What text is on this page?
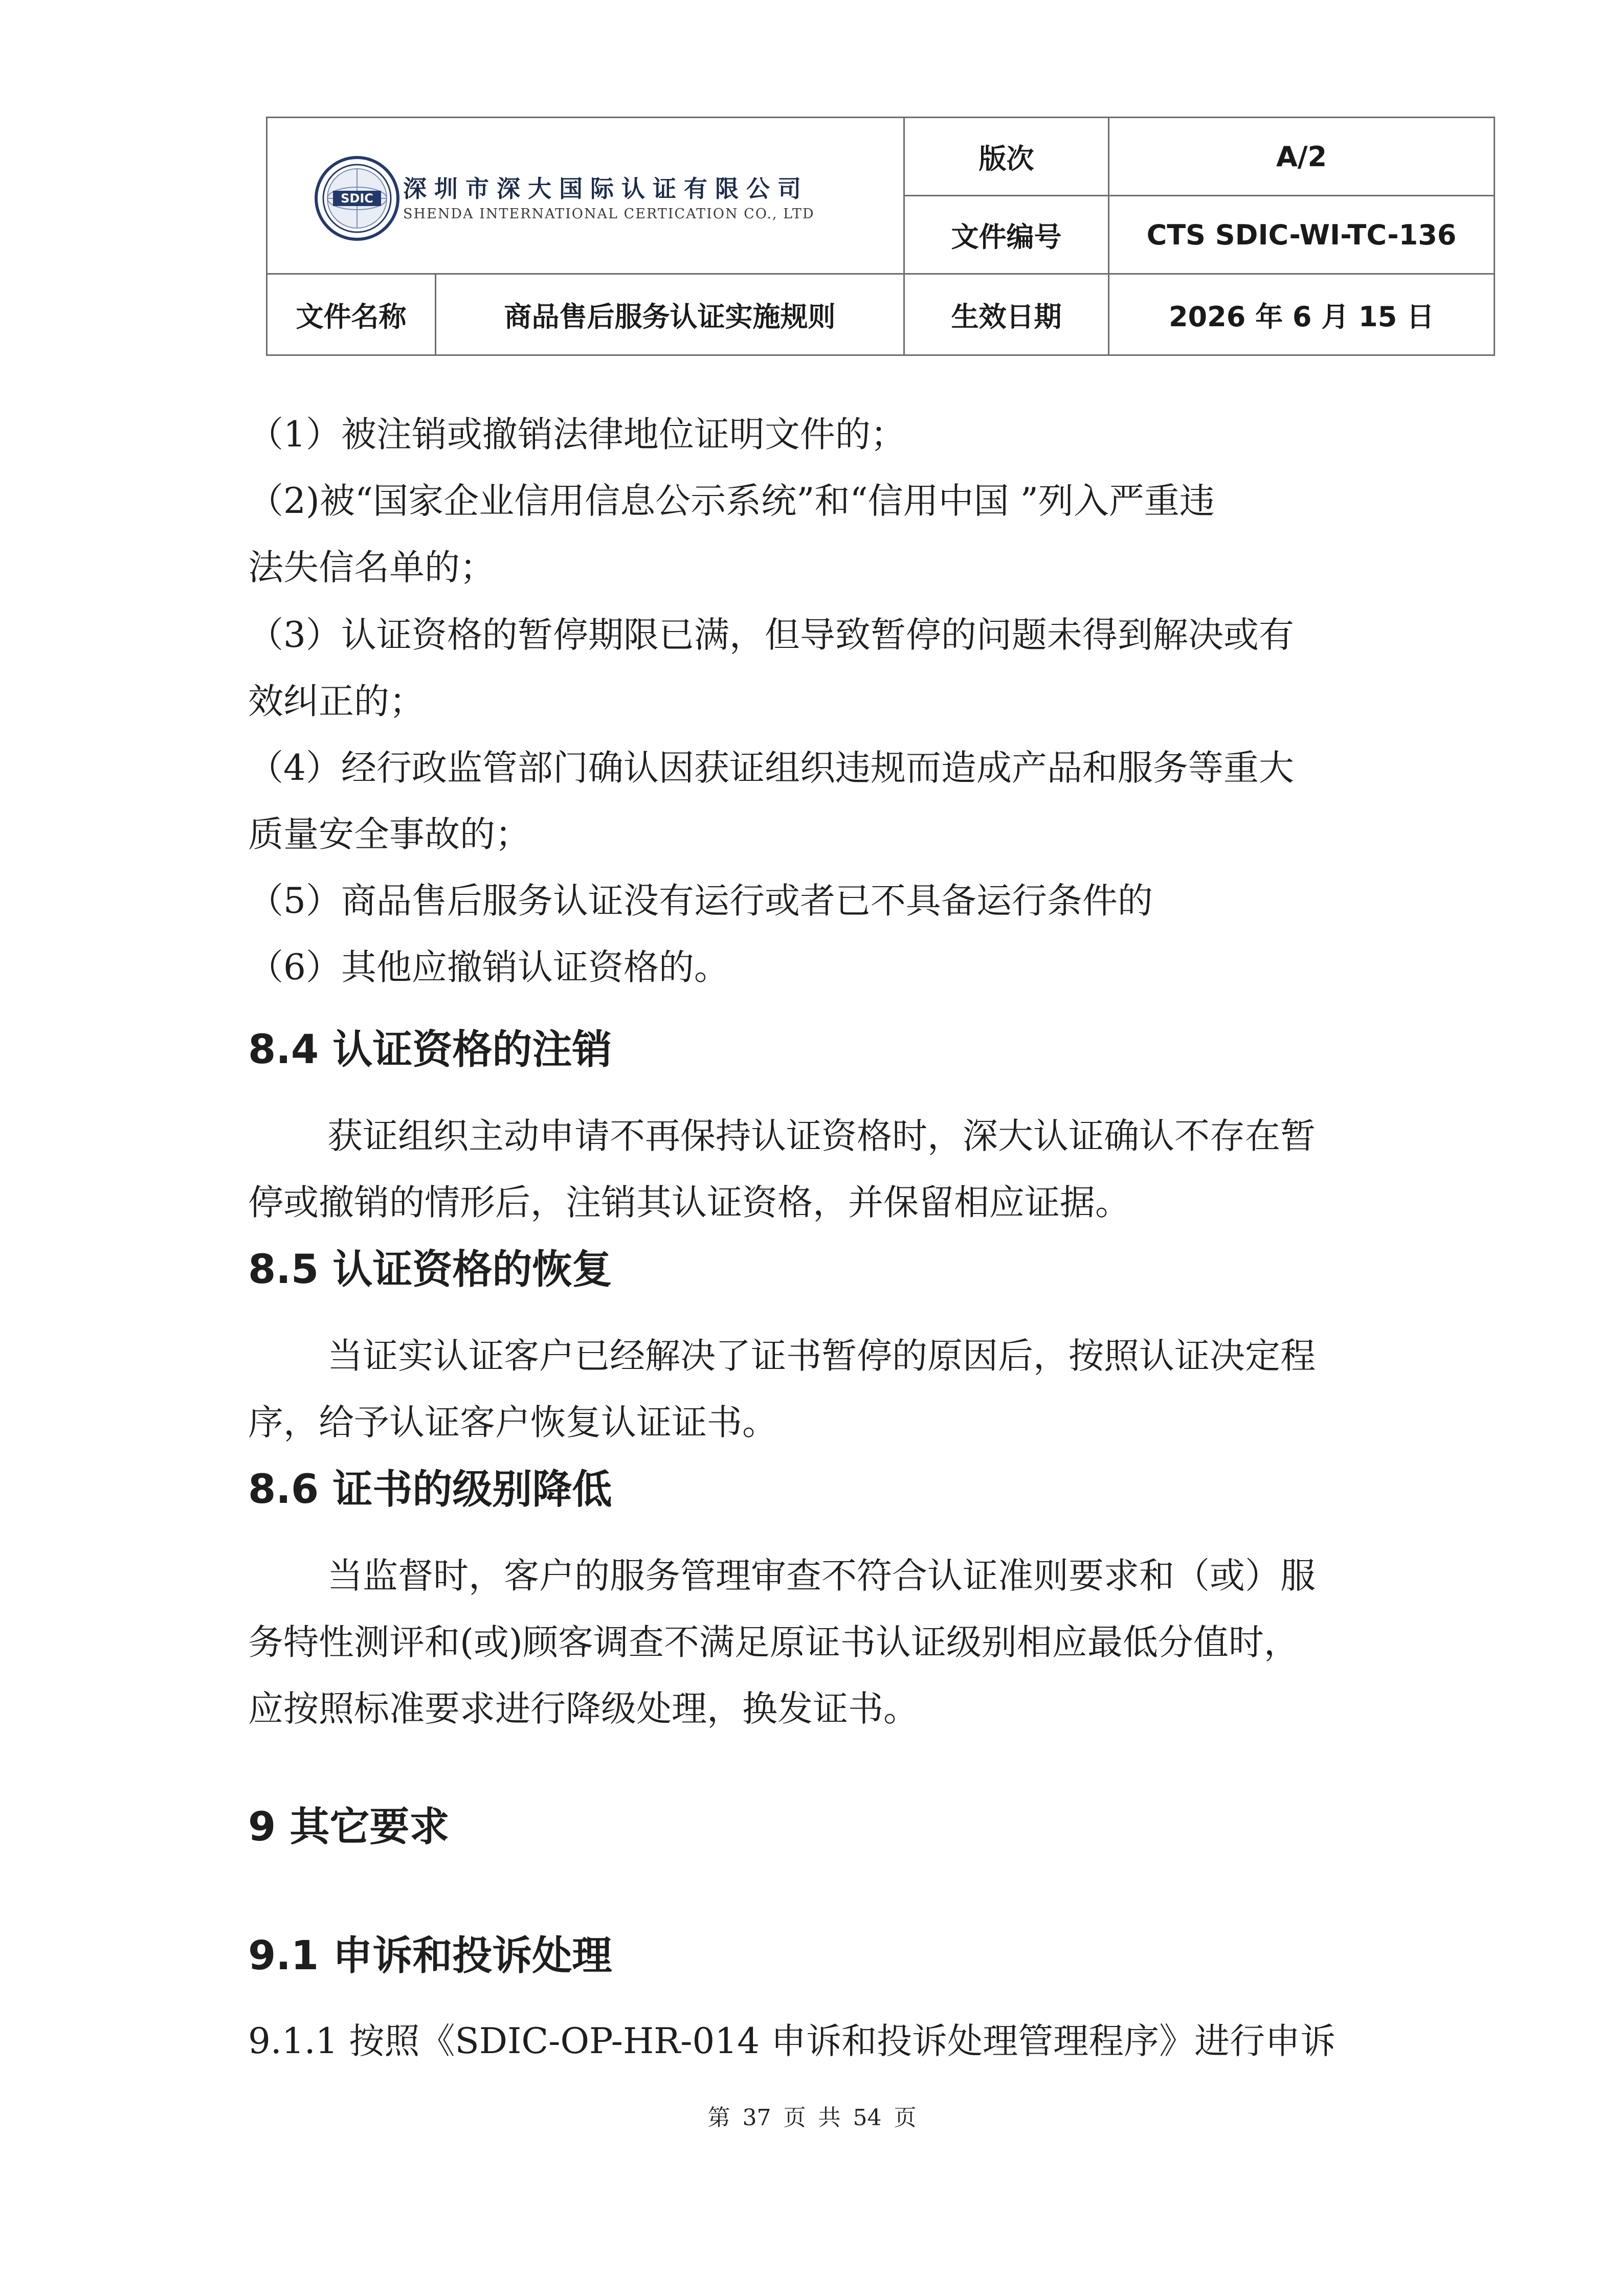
SDIC 深圳市深大国际认证有限公司
SHENDA INTERNATIONAL CERTICATION CO., LTD		版次	A/2
		文件编号	CTS SDIC-WI-TC-136
文件名称	商品售后服务认证实施规则	生效日期	2026 年 6 月 15 日

（1）被注销或撤销法律地位证明文件的；

（2)被“国家企业信用信息公示系统”和“信用中国 ”列入严重违

法失信名单的；

（3）认证资格的暂停期限已满，但导致暂停的问题未得到解决或有

效纠正的；

（4）经行政监管部门确认因获证组织违规而造成产品和服务等重大

质量安全事故的；

（5）商品售后服务认证没有运行或者已不具备运行条件的

（6）其他应撤销认证资格的。

8.4 认证资格的注销

获证组织主动申请不再保持认证资格时，深大认证确认不存在暂

停或撤销的情形后，注销其认证资格，并保留相应证据。

8.5 认证资格的恢复

当证实认证客户已经解决了证书暂停的原因后，按照认证决定程

序，给予认证客户恢复认证证书。

8.6 证书的级别降低

当监督时，客户的服务管理审查不符合认证准则要求和（或）服

务特性测评和(或)顾客调查不满足原证书认证级别相应最低分值时，

应按照标准要求进行降级处理，换发证书。

9 其它要求
9.1 申诉和投诉处理

9.1.1 按照《SDIC-OP-HR-014 申诉和投诉处理管理程序》进行申诉

第 37 页 共 54 页
